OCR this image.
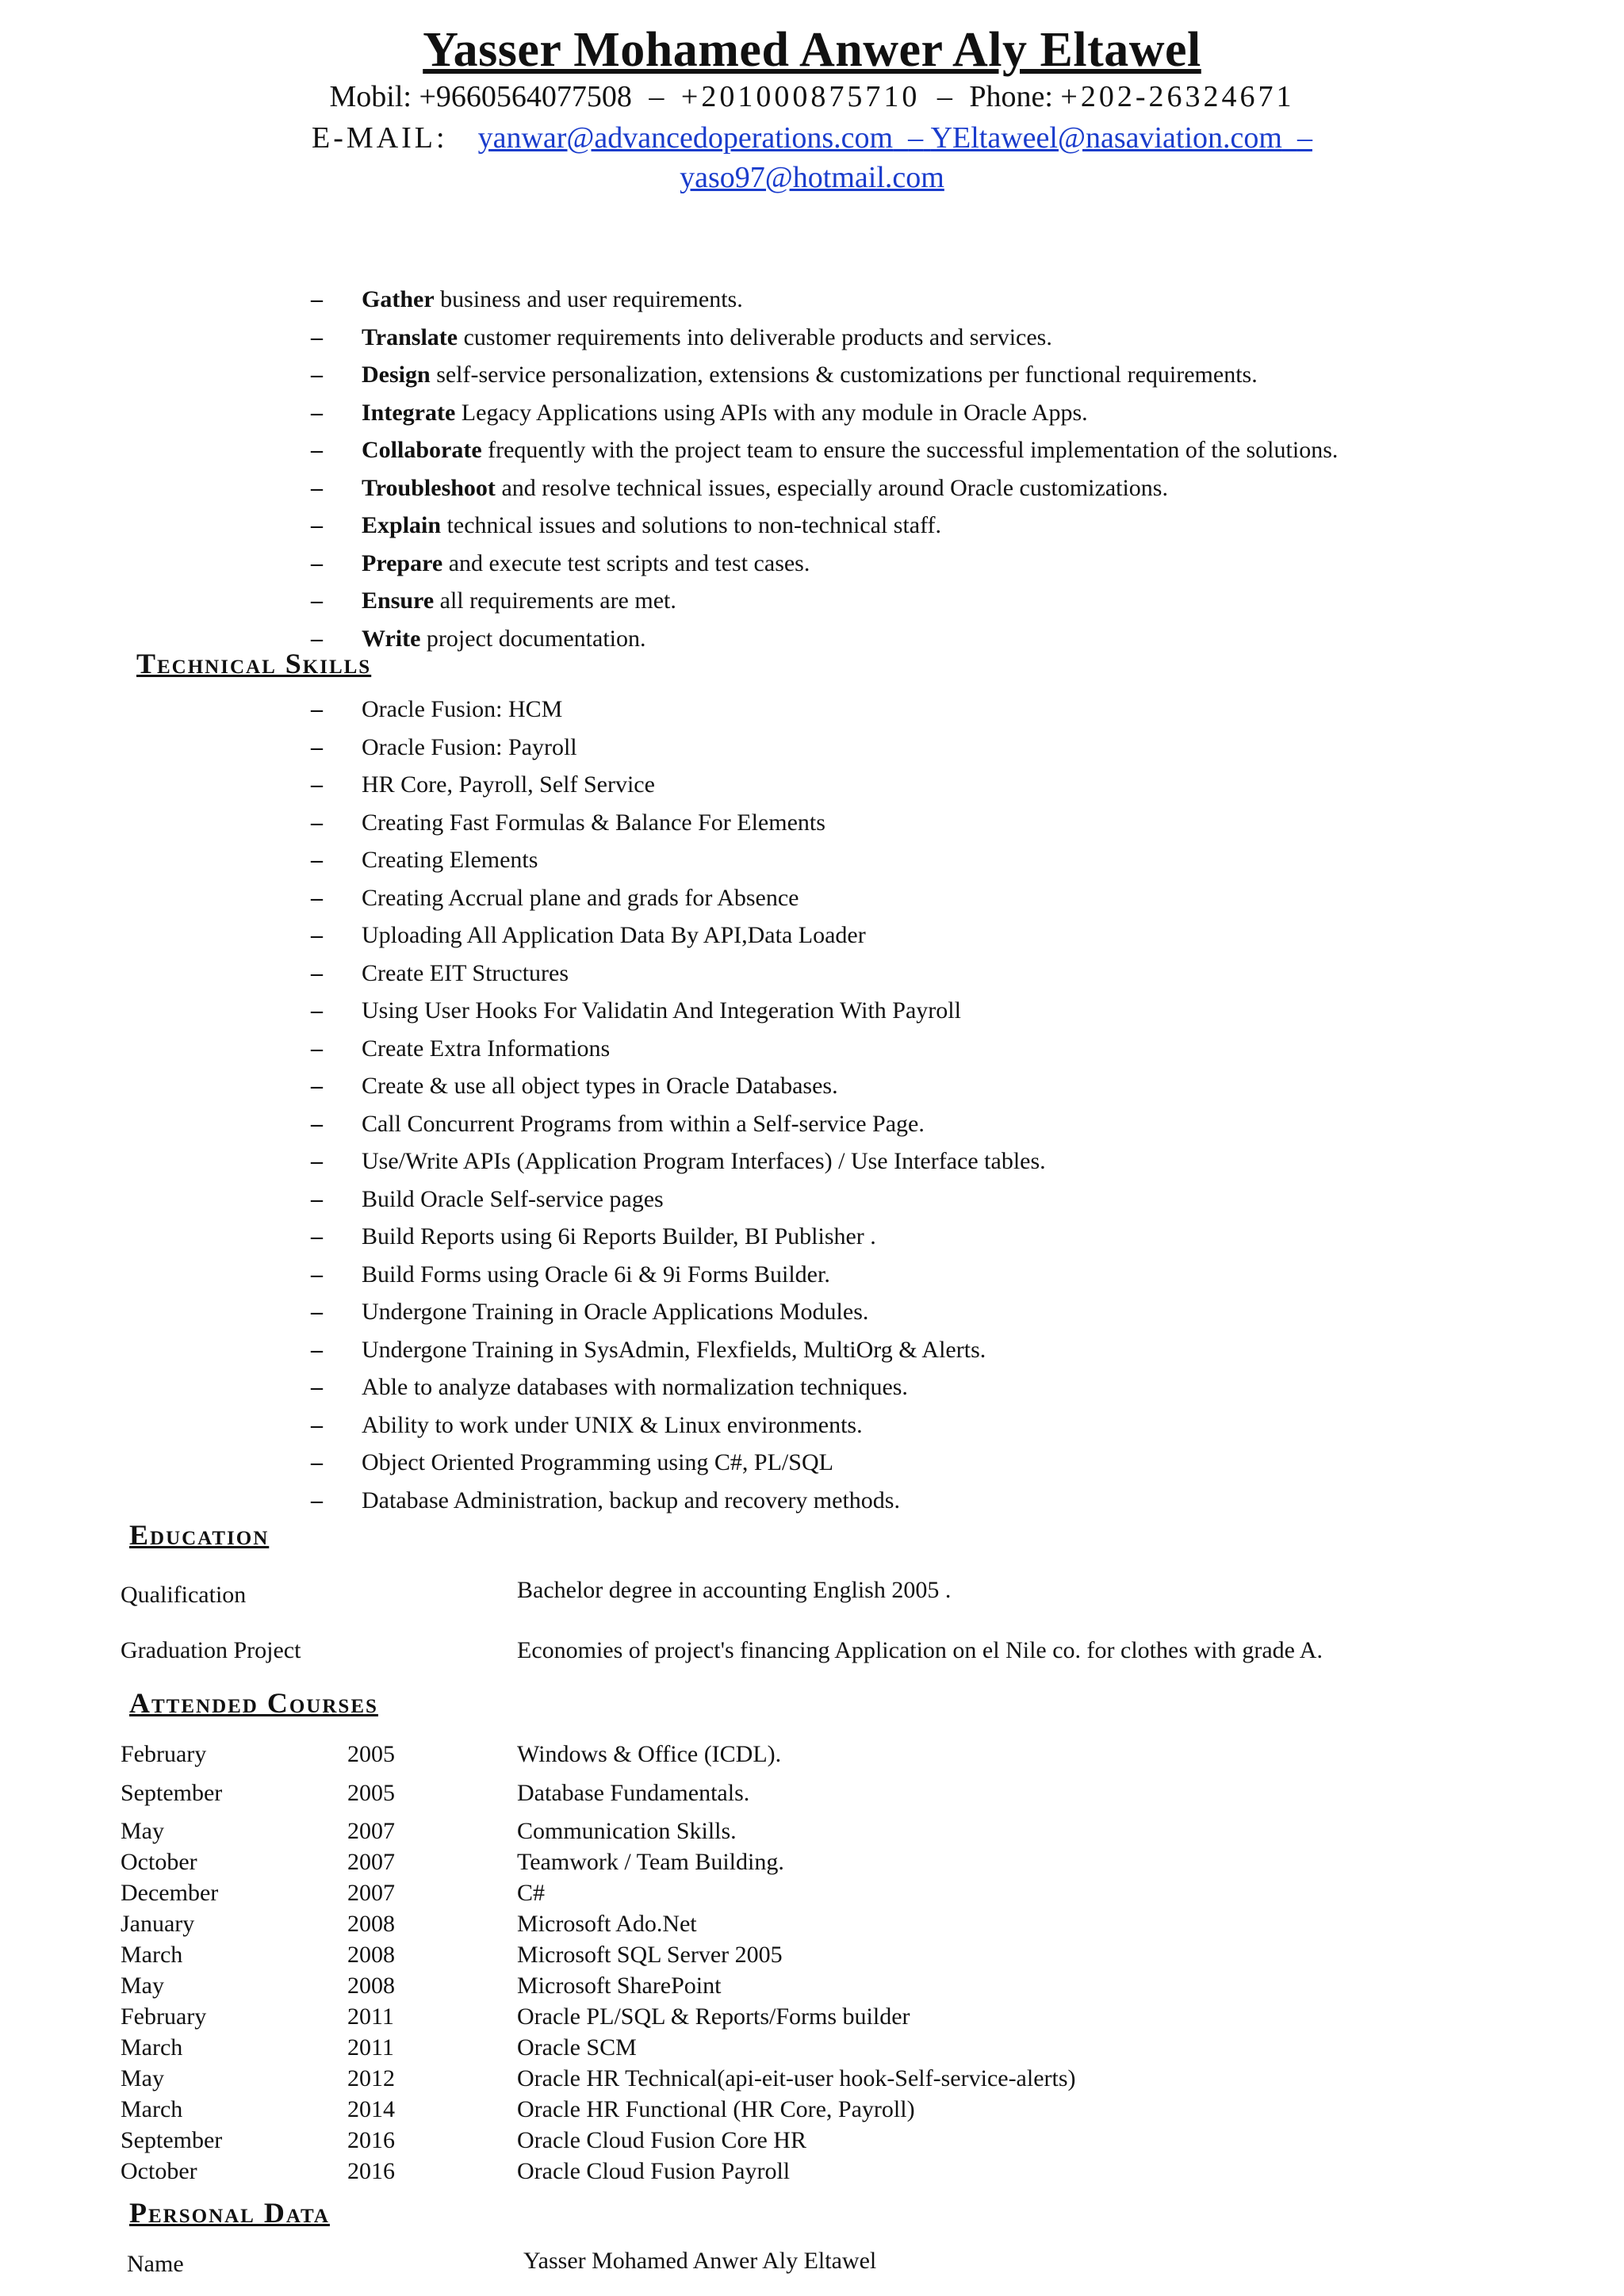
Yasser Mohamed Anwer Aly Eltawel
Mobil: +9660564077508 – +201000875710 – Phone: +202-26324671
E-MAIL: yanwar@advancedoperations.com – YEltaweel@nasaviation.com –
yaso97@hotmail.com
– Gather business and user requirements.
– Translate customer requirements into deliverable products and services.
– Design self-service personalization, extensions & customizations per functional requirements.
– Integrate Legacy Applications using APIs with any module in Oracle Apps.
– Collaborate frequently with the project team to ensure the successful implementation of the solutions.
– Troubleshoot and resolve technical issues, especially around Oracle customizations.
– Explain technical issues and solutions to non-technical staff.
– Prepare and execute test scripts and test cases.
– Ensure all requirements are met.
– Write project documentation.
Technical Skills
– Oracle Fusion: HCM
– Oracle Fusion: Payroll
– HR Core, Payroll, Self Service
– Creating Fast Formulas & Balance For Elements
– Creating Elements
– Creating Accrual plane and grads for Absence
– Uploading All Application Data By API,Data Loader
– Create EIT Structures
– Using User Hooks For Validatin And Integeration With Payroll
– Create Extra Informations
– Create & use all object types in Oracle Databases.
– Call Concurrent Programs from within a Self-service Page.
– Use/Write APIs (Application Program Interfaces) / Use Interface tables.
– Build Oracle Self-service pages
– Build Reports using 6i Reports Builder, BI Publisher .
– Build Forms using Oracle 6i & 9i Forms Builder.
– Undergone Training in Oracle Applications Modules.
– Undergone Training in SysAdmin, Flexfields, MultiOrg & Alerts.
– Able to analyze databases with normalization techniques.
– Ability to work under UNIX & Linux environments.
– Object Oriented Programming using C#, PL/SQL
– Database Administration, backup and recovery methods.
Education
Qualification	Bachelor degree in accounting English 2005 .
Graduation Project	Economies of project's financing Application on el Nile co. for clothes with grade A.
Attended Courses
February	2005	Windows & Office (ICDL).
September	2005	Database Fundamentals.
May	2007	Communication Skills.
October	2007	Teamwork / Team Building.
December	2007	C#
January	2008	Microsoft Ado.Net
March	2008	Microsoft SQL Server 2005
May	2008	Microsoft SharePoint
February	2011	Oracle PL/SQL & Reports/Forms builder
March	2011	Oracle SCM
May	2012	Oracle HR Technical(api-eit-user hook-Self-service-alerts)
March	2014	Oracle HR Functional (HR Core, Payroll)
September	2016	Oracle Cloud Fusion Core HR
October	2016	Oracle Cloud Fusion Payroll
Personal Data
Name	Yasser Mohamed Anwer Aly Eltawel
